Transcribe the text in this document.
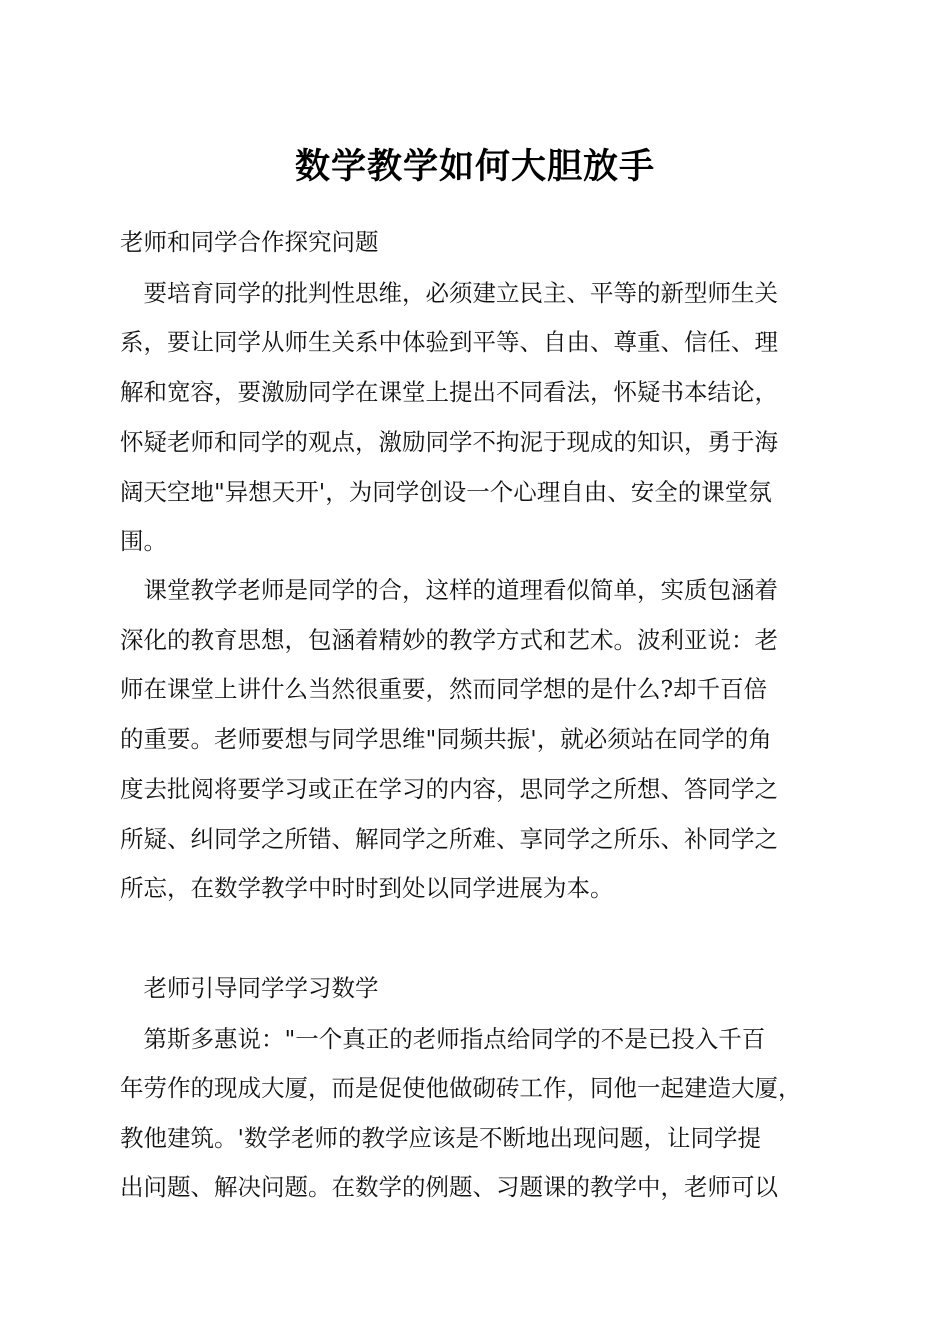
数学教学如何大胆放手
老师和同学合作探究问题
　要培育同学的批判性思维，必须建立民主、平等的新型师生关
系，要让同学从师生关系中体验到平等、自由、尊重、信任、理
解和宽容，要激励同学在课堂上提出不同看法，怀疑书本结论，
怀疑老师和同学的观点，激励同学不拘泥于现成的知识，勇于海
阔天空地"异想天开'，为同学创设一个心理自由、安全的课堂氛
围。
　课堂教学老师是同学的合，这样的道理看似简单，实质包涵着
深化的教育思想，包涵着精妙的教学方式和艺术。波利亚说：老
师在课堂上讲什么当然很重要，然而同学想的是什么?却千百倍
的重要。老师要想与同学思维"同频共振'，就必须站在同学的角
度去批阅将要学习或正在学习的内容，思同学之所想、答同学之
所疑、纠同学之所错、解同学之所难、享同学之所乐、补同学之
所忘，在数学教学中时时到处以同学进展为本。
　老师引导同学学习数学
　第斯多惠说："一个真正的老师指点给同学的不是已投入千百
年劳作的现成大厦，而是促使他做砌砖工作，同他一起建造大厦，
教他建筑。'数学老师的教学应该是不断地出现问题，让同学提
出问题、解决问题。在数学的例题、习题课的教学中，老师可以
